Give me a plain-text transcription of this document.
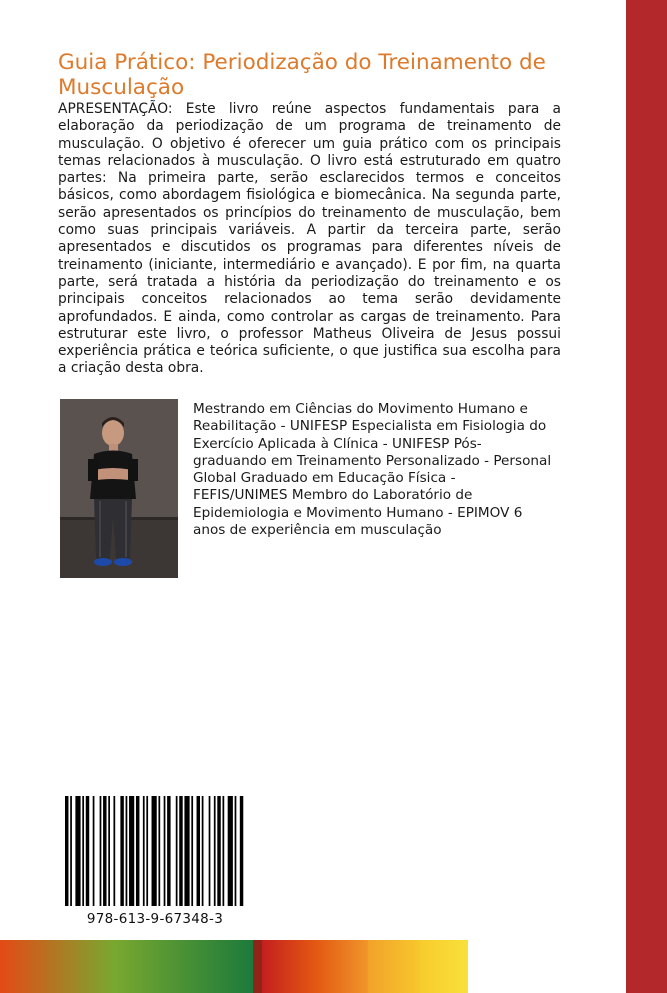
Guia Prático: Periodização do Treinamento de Musculação

APRESENTAÇÃO: Este livro reúne aspectos fundamentais para a elaboração da periodização de um programa de treinamento de musculação. O objetivo é oferecer um guia prático com os principais temas relacionados à musculação. O livro está estruturado em quatro partes: Na primeira parte, serão esclarecidos termos e conceitos básicos, como abordagem fisiológica e biomecânica. Na segunda parte, serão apresentados os princípios do treinamento de musculação, bem como suas principais variáveis. A partir da terceira parte, serão apresentados e discutidos os programas para diferentes níveis de treinamento (iniciante, intermediário e avançado). E por fim, na quarta parte, será tratada a história da periodização do treinamento e os principais conceitos relacionados ao tema serão devidamente aprofundados. E ainda, como controlar as cargas de treinamento. Para estruturar este livro, o professor Matheus Oliveira de Jesus possui experiência prática e teórica suficiente, o que justifica sua escolha para a criação desta obra.

Mestrando em Ciências do Movimento Humano e Reabilitação - UNIFESP Especialista em Fisiologia do Exercício Aplicada à Clínica - UNIFESP Pós-graduando em Treinamento Personalizado - Personal Global Graduado em Educação Física - FEFIS/UNIMES Membro do Laboratório de Epidemiologia e Movimento Humano - EPIMOV 6 anos de experiência em musculação

978-613-9-67348-3
